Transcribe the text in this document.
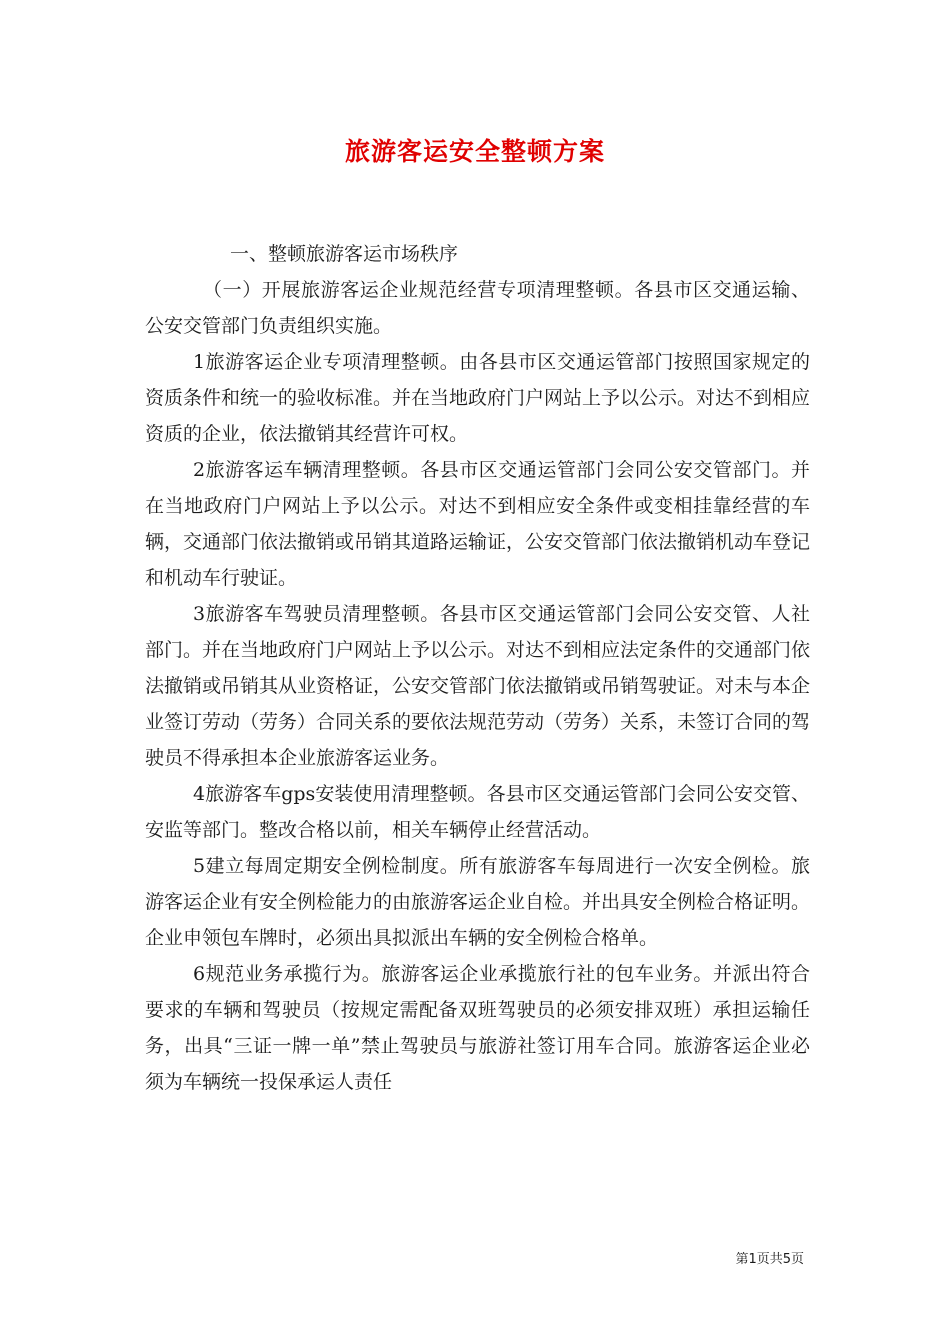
旅游客运安全整顿方案

一、整顿旅游客运市场秩序

（一）开展旅游客运企业规范经营专项清理整顿。各县市区交通运输、公安交管部门负责组织实施。

1旅游客运企业专项清理整顿。由各县市区交通运管部门按照国家规定的资质条件和统一的验收标准。并在当地政府门户网站上予以公示。对达不到相应资质的企业，依法撤销其经营许可权。

2旅游客运车辆清理整顿。各县市区交通运管部门会同公安交管部门。并在当地政府门户网站上予以公示。对达不到相应安全条件或变相挂靠经营的车辆，交通部门依法撤销或吊销其道路运输证，公安交管部门依法撤销机动车登记和机动车行驶证。

3旅游客车驾驶员清理整顿。各县市区交通运管部门会同公安交管、人社部门。并在当地政府门户网站上予以公示。对达不到相应法定条件的交通部门依法撤销或吊销其从业资格证，公安交管部门依法撤销或吊销驾驶证。对未与本企业签订劳动（劳务）合同关系的要依法规范劳动（劳务）关系，未签订合同的驾驶员不得承担本企业旅游客运业务。

4旅游客车gps安装使用清理整顿。各县市区交通运管部门会同公安交管、安监等部门。整改合格以前，相关车辆停止经营活动。

5建立每周定期安全例检制度。所有旅游客车每周进行一次安全例检。旅游客运企业有安全例检能力的由旅游客运企业自检。并出具安全例检合格证明。企业申领包车牌时，必须出具拟派出车辆的安全例检合格单。

6规范业务承揽行为。旅游客运企业承揽旅行社的包车业务。并派出符合要求的车辆和驾驶员（按规定需配备双班驾驶员的必须安排双班）承担运输任务，出具“三证一牌一单”禁止驾驶员与旅游社签订用车合同。旅游客运企业必须为车辆统一投保承运人责任

第1页共5页
